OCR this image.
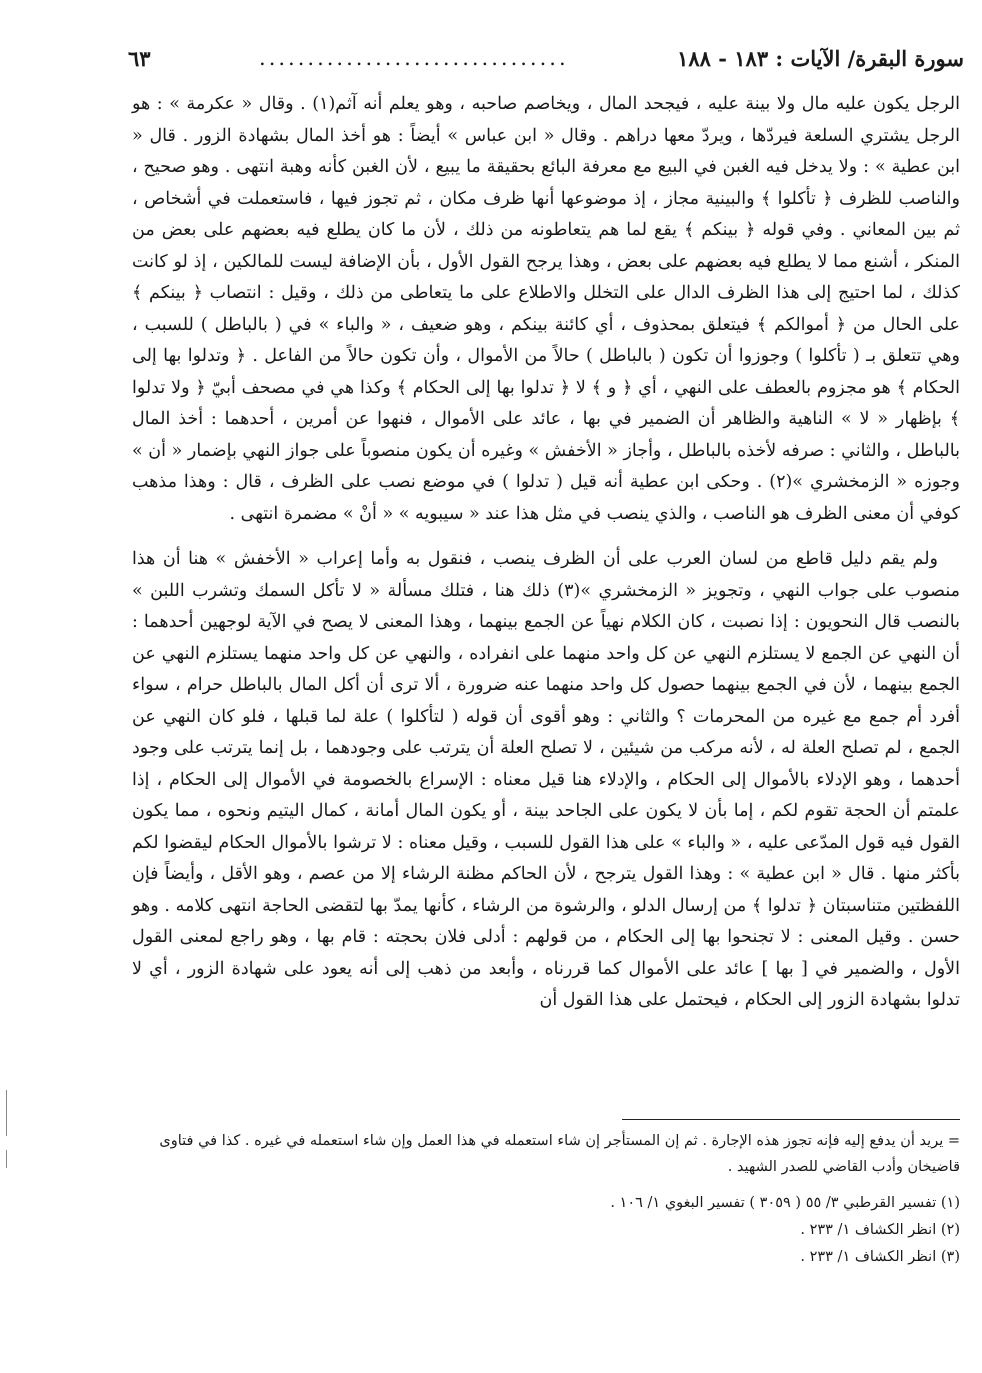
سورة البقرة/ الآيات : ١٨٣ - ١٨٨
................................
٦٣

الرجل يكون عليه مال ولا بينة عليه ، فيجحد المال ، ويخاصم صاحبه ، وهو يعلم أنه آثم(١) . وقال « عكرمة » : هو الرجل يشتري السلعة فيردّها ، ويردّ معها دراهم . وقال « ابن عباس » أيضاً : هو أخذ المال بشهادة الزور . قال « ابن عطية » : ولا يدخل فيه الغبن في البيع مع معرفة البائع بحقيقة ما يبيع ، لأن الغبن كأنه وهبة انتهى . وهو صحيح ، والناصب للظرف ﴿ تأكلوا ﴾ والبينية مجاز ، إذ موضوعها أنها ظرف مكان ، ثم تجوز فيها ، فاستعملت في أشخاص ، ثم بين المعاني . وفي قوله ﴿ بينكم ﴾ يقع لما هم يتعاطونه من ذلك ، لأن ما كان يطلع فيه بعضهم على بعض من المنكر ، أشنع مما لا يطلع فيه بعضهم على بعض ، وهذا يرجح القول الأول ، بأن الإضافة ليست للمالكين ، إذ لو كانت كذلك ، لما احتيج إلى هذا الظرف الدال على التخلل والاطلاع على ما يتعاطى من ذلك ، وقيل : انتصاب ﴿ بينكم ﴾ على الحال من ﴿ أموالكم ﴾ فيتعلق بمحذوف ، أي كائنة بينكم ، وهو ضعيف ، « والباء » في ( بالباطل ) للسبب ، وهي تتعلق بـ ( تأكلوا ) وجوزوا أن تكون ( بالباطل ) حالاً من الأموال ، وأن تكون حالاً من الفاعل . ﴿ وتدلوا بها إلى الحكام ﴾ هو مجزوم بالعطف على النهي ، أي ﴿ و ﴾ لا ﴿ تدلوا بها إلى الحكام ﴾ وكذا هي في مصحف أبيّ ﴿ ولا تدلوا ﴾ بإظهار « لا » الناهية والظاهر أن الضمير في بها ، عائد على الأموال ، فنهوا عن أمرين ، أحدهما : أخذ المال بالباطل ، والثاني : صرفه لأخذه بالباطل ، وأجاز « الأخفش » وغيره أن يكون منصوباً على جواز النهي بإضمار « أن » وجوزه « الزمخشري »(٢) . وحكى ابن عطية أنه قيل ( تدلوا ) في موضع نصب على الظرف ، قال : وهذا مذهب كوفي أن معنى الظرف هو الناصب ، والذي ينصب في مثل هذا عند « سيبويه » « أنْ » مضمرة انتهى .

ولم يقم دليل قاطع من لسان العرب على أن الظرف ينصب ، فنقول به وأما إعراب « الأخفش » هنا أن هذا منصوب على جواب النهي ، وتجويز « الزمخشري »(٣) ذلك هنا ، فتلك مسألة « لا تأكل السمك وتشرب اللبن » بالنصب قال النحويون : إذا نصبت ، كان الكلام نهياً عن الجمع بينهما ، وهذا المعنى لا يصح في الآية لوجهين أحدهما : أن النهي عن الجمع لا يستلزم النهي عن كل واحد منهما على انفراده ، والنهي عن كل واحد منهما يستلزم النهي عن الجمع بينهما ، لأن في الجمع بينهما حصول كل واحد منهما عنه ضرورة ، ألا ترى أن أكل المال بالباطل حرام ، سواء أفرد أم جمع مع غيره من المحرمات ؟ والثاني : وهو أقوى أن قوله ( لتأكلوا ) علة لما قبلها ، فلو كان النهي عن الجمع ، لم تصلح العلة له ، لأنه مركب من شيئين ، لا تصلح العلة أن يترتب على وجودهما ، بل إنما يترتب على وجود أحدهما ، وهو الإدلاء بالأموال إلى الحكام ، والإدلاء هنا قيل معناه : الإسراع بالخصومة في الأموال إلى الحكام ، إذا علمتم أن الحجة تقوم لكم ، إما بأن لا يكون على الجاحد بينة ، أو يكون المال أمانة ، كمال اليتيم ونحوه ، مما يكون القول فيه قول المدّعى عليه ، « والباء » على هذا القول للسبب ، وقيل معناه : لا ترشوا بالأموال الحكام ليقضوا لكم بأكثر منها . قال « ابن عطية » : وهذا القول يترجح ، لأن الحاكم مظنة الرشاء إلا من عصم ، وهو الأقل ، وأيضاً فإن اللفظتين متناسبتان ﴿ تدلوا ﴾ من إرسال الدلو ، والرشوة من الرشاء ، كأنها يمدّ بها لتقضى الحاجة انتهى كلامه . وهو حسن . وقيل المعنى : لا تجنحوا بها إلى الحكام ، من قولهم : أدلى فلان بحجته : قام بها ، وهو راجع لمعنى القول الأول ، والضمير في [ بها ] عائد على الأموال كما قررناه ، وأبعد من ذهب إلى أنه يعود على شهادة الزور ، أي لا تدلوا بشهادة الزور إلى الحكام ، فيحتمل على هذا القول أن

= يريد أن يدفع إليه فإنه تجوز هذه الإجارة . ثم إن المستأجر إن شاء استعمله في هذا العمل وإن شاء استعمله في غيره . كذا في فتاوى قاضيخان وأدب القاضي للصدر الشهيد .

(١) تفسير القرطبي ٣/ ٥٥ ( ٣٠٥٩ ) تفسير البغوي ١/ ١٠٦ .

(٢) انظر الكشاف ١/ ٢٣٣ .

(٣) انظر الكشاف ١/ ٢٣٣ .
